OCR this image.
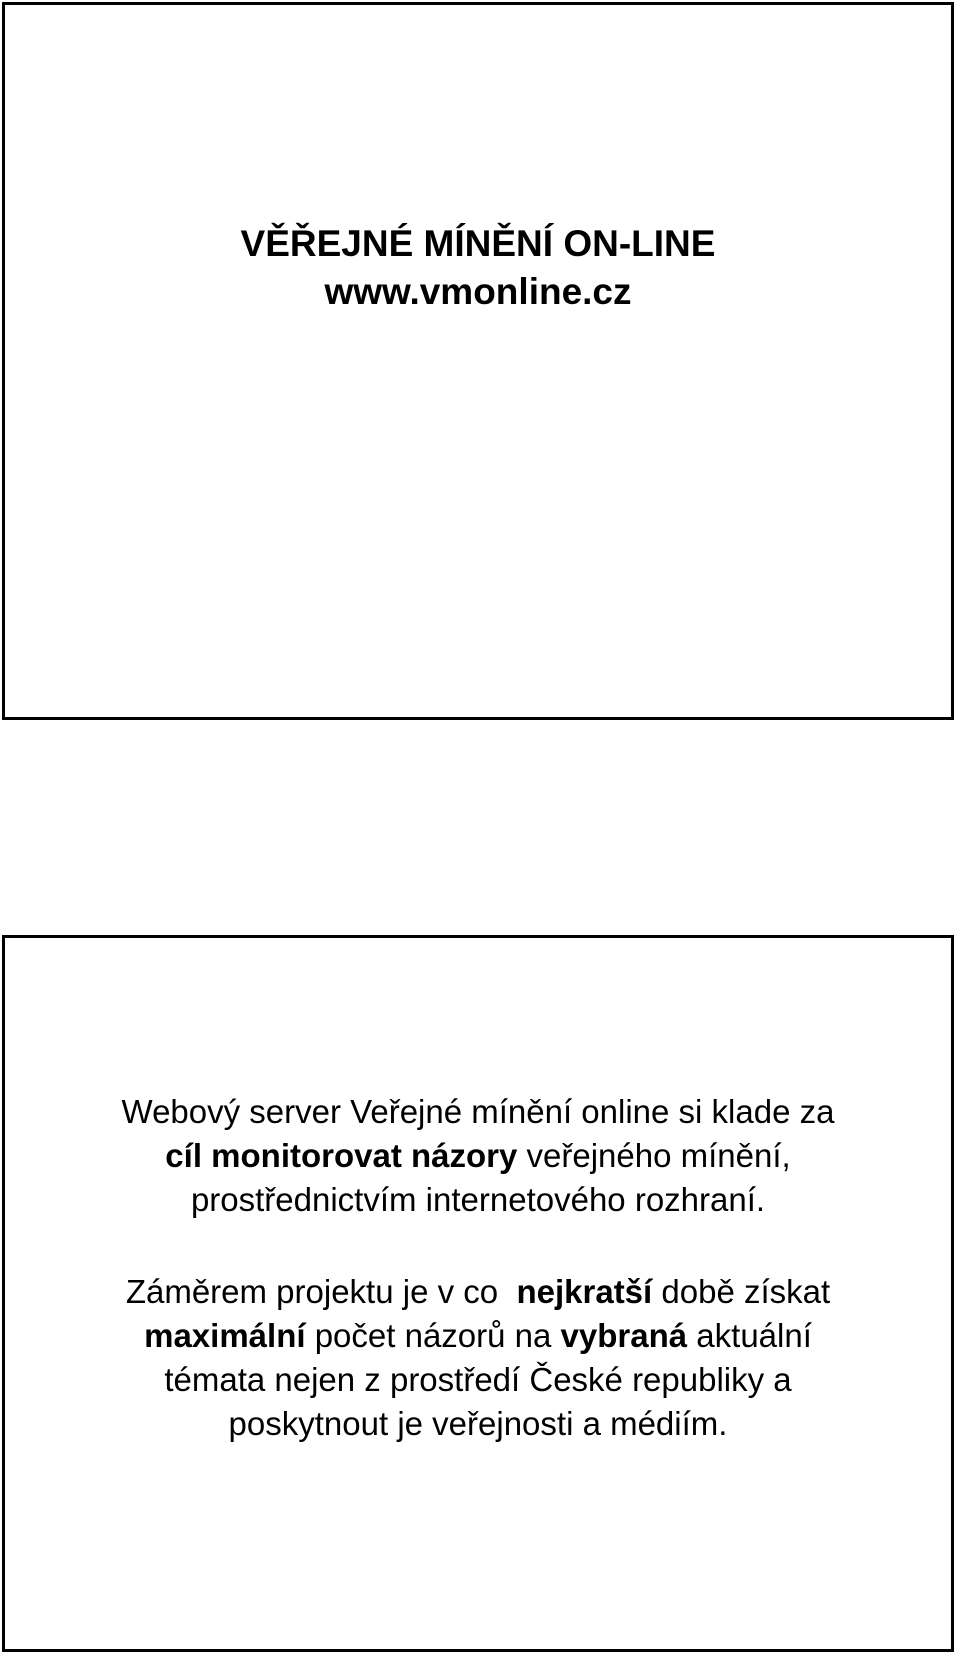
VĚŘEJNÉ MÍNĚNÍ ON-LINE
www.vmonline.cz
Webový server Veřejné mínění online si klade za
cíl monitorovat názory veřejného mínění,
prostřednictvím internetového rozhraní.
Záměrem projektu je v co  nejkratší době získat
maximální počet názorů na vybraná aktuální
témata nejen z prostředí České republiky a
poskytnout je veřejnosti a médiím.
